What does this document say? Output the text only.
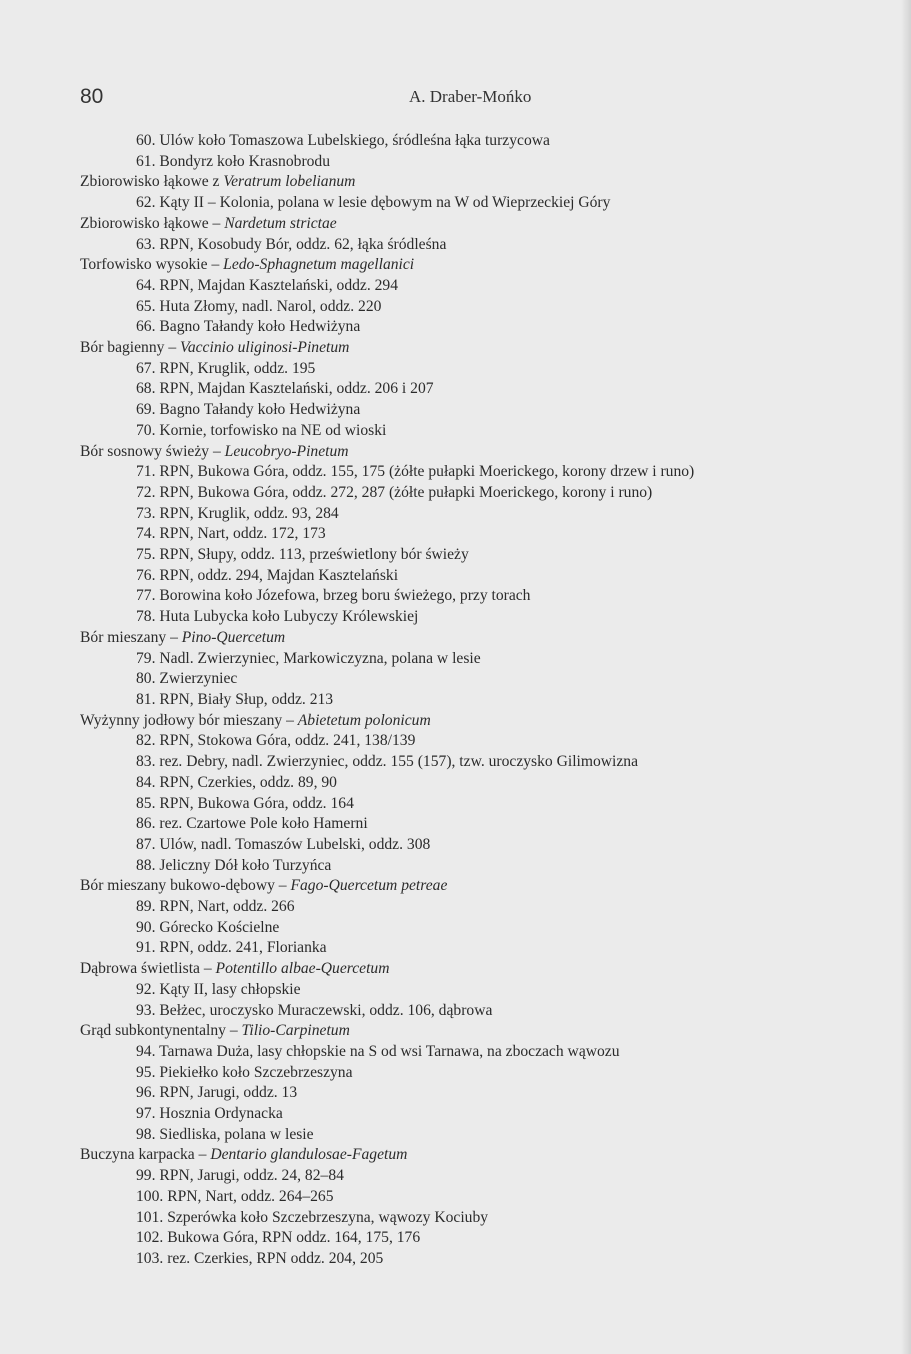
80	A. Draber-Mońko
60. Ulów koło Tomaszowa Lubelskiego, śródleśna łąka turzycowa
61. Bondyrz koło Krasnobrodu
Zbiorowisko łąkowe z Veratrum lobelianum
62. Kąty II – Kolonia, polana w lesie dębowym na W od Wieprzeckiej Góry
Zbiorowisko łąkowe – Nardetum strictae
63. RPN, Kosobudy Bór, oddz. 62, łąka śródleśna
Torfowisko wysokie – Ledo-Sphagnetum magellanici
64. RPN, Majdan Kasztelański, oddz. 294
65. Huta Złomy, nadl. Narol, oddz. 220
66. Bagno Tałandy koło Hedwiżyna
Bór bagienny – Vaccinio uliginosi-Pinetum
67. RPN, Kruglik, oddz. 195
68. RPN, Majdan Kasztelański, oddz. 206 i 207
69. Bagno Tałandy koło Hedwiżyna
70. Kornie, torfowisko na NE od wioski
Bór sosnowy świeży – Leucobryo-Pinetum
71. RPN, Bukowa Góra, oddz. 155, 175 (żółte pułapki Moerickego, korony drzew i runo)
72. RPN, Bukowa Góra, oddz. 272, 287 (żółte pułapki Moerickego, korony i runo)
73. RPN, Kruglik, oddz. 93, 284
74. RPN, Nart, oddz. 172, 173
75. RPN, Słupy, oddz. 113, prześwietlony bór świeży
76. RPN, oddz. 294, Majdan Kasztelański
77. Borowina koło Józefowa, brzeg boru świeżego, przy torach
78. Huta Lubycka koło Lubyczy Królewskiej
Bór mieszany – Pino-Quercetum
79. Nadl. Zwierzyniec, Markowiczyzna, polana w lesie
80. Zwierzyniec
81. RPN, Biały Słup, oddz. 213
Wyżynny jodłowy bór mieszany – Abietetum polonicum
82. RPN, Stokowa Góra, oddz. 241, 138/139
83. rez. Debry, nadl. Zwierzyniec, oddz. 155 (157), tzw. uroczysko Gilimowizna
84. RPN, Czerkies, oddz. 89, 90
85. RPN, Bukowa Góra, oddz. 164
86. rez. Czartowe Pole koło Hamerni
87. Ulów, nadl. Tomaszów Lubelski, oddz. 308
88. Jeliczny Dół koło Turzyńca
Bór mieszany bukowo-dębowy – Fago-Quercetum petreae
89. RPN, Nart, oddz. 266
90. Górecko Kościelne
91. RPN, oddz. 241, Florianka
Dąbrowa świetlista – Potentillo albae-Quercetum
92. Kąty II, lasy chłopskie
93. Bełżec, uroczysko Muraczewski, oddz. 106, dąbrowa
Grąd subkontynentalny – Tilio-Carpinetum
94. Tarnawa Duża, lasy chłopskie na S od wsi Tarnawa, na zboczach wąwozu
95. Piekiełko koło Szczebrzeszyna
96. RPN, Jarugi, oddz. 13
97. Hosznia Ordynacka
98. Siedliska, polana w lesie
Buczyna karpacka – Dentario glandulosae-Fagetum
99. RPN, Jarugi, oddz. 24, 82–84
100. RPN, Nart, oddz. 264–265
101. Szperówka koło Szczebrzeszyna, wąwozy Kociuby
102. Bukowa Góra, RPN oddz. 164, 175, 176
103. rez. Czerkies, RPN oddz. 204, 205
